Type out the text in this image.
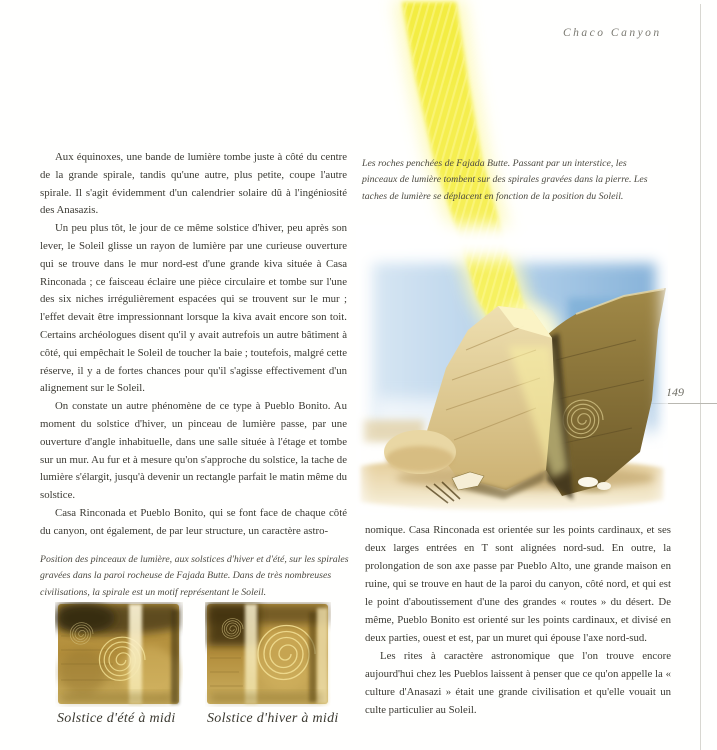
Chaco Canyon
149

Les roches penchées de Fajada Butte. Passant par un interstice, les pinceaux de lumière tombent sur des spirales gravées dans la pierre. Les taches de lumière se déplacent en fonction de la position du Soleil.

Aux équinoxes, une bande de lumière tombe juste à côté du centre de la grande spirale, tandis qu'une autre, plus petite, coupe l'autre spirale. Il s'agit évidemment d'un calendrier solaire dû à l'ingéniosité des Anasazis.

Un peu plus tôt, le jour de ce même solstice d'hiver, peu après son lever, le Soleil glisse un rayon de lumière par une curieuse ouverture qui se trouve dans le mur nord-est d'une grande kiva située à Casa Rinconada ; ce faisceau éclaire une pièce circulaire et tombe sur l'une des six niches irrégulièrement espacées qui se trouvent sur le mur ; l'effet devait être impressionnant lorsque la kiva avait encore son toit. Certains archéologues disent qu'il y avait autrefois un autre bâtiment à côté, qui empêchait le Soleil de toucher la baie ; toutefois, malgré cette réserve, il y a de fortes chances pour qu'il s'agisse effectivement d'un alignement sur le Soleil.

On constate un autre phénomène de ce type à Pueblo Bonito. Au moment du solstice d'hiver, un pinceau de lumière passe, par une ouverture d'angle inhabituelle, dans une salle située à l'étage et tombe sur un mur. Au fur et à mesure qu'on s'approche du solstice, la tache de lumière s'élargit, jusqu'à devenir un rectangle parfait le matin même du solstice.

Casa Rinconada et Pueblo Bonito, qui se font face de chaque côté du canyon, ont également, de par leur structure, un caractère astro-

Position des pinceaux de lumière, aux solstices d'hiver et d'été, sur les spirales gravées dans la paroi rocheuse de Fajada Butte. Dans de très nombreuses civilisations, la spirale est un motif représentant le Soleil.

Solstice d'été à midi Solstice d'hiver à midi

nomique. Casa Rinconada est orientée sur les points cardinaux, et ses deux larges entrées en T sont alignées nord-sud. En outre, la prolongation de son axe passe par Pueblo Alto, une grande maison en ruine, qui se trouve en haut de la paroi du canyon, côté nord, et qui est le point d'aboutissement d'une des grandes « routes » du désert. De même, Pueblo Bonito est orienté sur les points cardinaux, et divisé en deux parties, ouest et est, par un muret qui épouse l'axe nord-sud.

Les rites à caractère astronomique que l'on trouve encore aujourd'hui chez les Pueblos laissent à penser que ce qu'on appelle la « culture d'Anasazi » était une grande civilisation et qu'elle vouait un culte particulier au Soleil.
